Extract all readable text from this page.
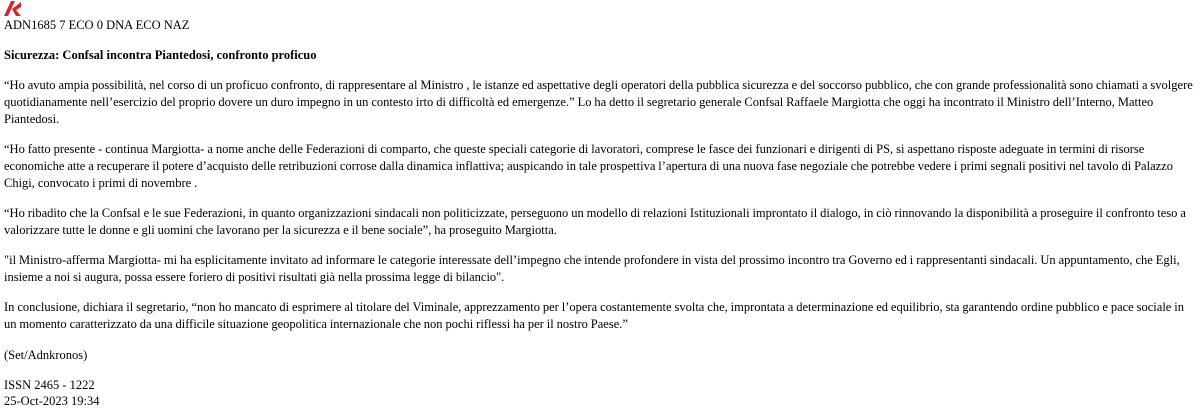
ADN1685 7 ECO 0 DNA ECO NAZ

Sicurezza: Confsal incontra Piantedosi, confronto proficuo

“Ho avuto ampia possibilità, nel corso di un proficuo confronto, di rappresentare al Ministro , le istanze ed aspettative degli operatori della pubblica sicurezza e del soccorso pubblico, che con grande professionalità sono chiamati a svolgere quotidianamente nell’esercizio del proprio dovere un duro impegno in un contesto irto di difficoltà ed emergenze.” Lo ha detto il segretario generale Confsal Raffaele Margiotta che oggi ha incontrato il Ministro dell’Interno, Matteo Piantedosi.

“Ho fatto presente - continua Margiotta- a nome anche delle Federazioni di comparto, che queste speciali categorie di lavoratori, comprese le fasce dei funzionari e dirigenti di PS, si aspettano risposte adeguate in termini di risorse economiche atte a recuperare il potere d’acquisto delle retribuzioni corrose dalla dinamica inflattiva; auspicando in tale prospettiva l’apertura di una nuova fase negoziale che potrebbe vedere i primi segnali positivi nel tavolo di Palazzo Chigi, convocato i primi di novembre .

“Ho ribadito che la Confsal e le sue Federazioni, in quanto organizzazioni sindacali non politicizzate, perseguono un modello di relazioni Istituzionali improntato il dialogo, in ciò rinnovando la disponibilità a proseguire il confronto teso a valorizzare tutte le donne e gli uomini che lavorano per la sicurezza e il bene sociale”, ha proseguito Margiotta.

"il Ministro-afferma Margiotta- mi ha esplicitamente invitato ad informare le categorie interessate dell’impegno che intende profondere in vista del prossimo incontro tra Governo ed i rappresentanti sindacali. Un appuntamento, che Egli, insieme a noi si augura, possa essere foriero di positivi risultati già nella prossima legge di bilancio".

In conclusione, dichiara il segretario, “non ho mancato di esprimere al titolare del Viminale, apprezzamento per l’opera costantemente svolta che, improntata a determinazione ed equilibrio, sta garantendo ordine pubblico e pace sociale in un momento caratterizzato da una difficile situazione geopolitica internazionale che non pochi riflessi ha per il nostro Paese.”

(Set/Adnkronos)

ISSN 2465 - 1222

25-Oct-2023 19:34
